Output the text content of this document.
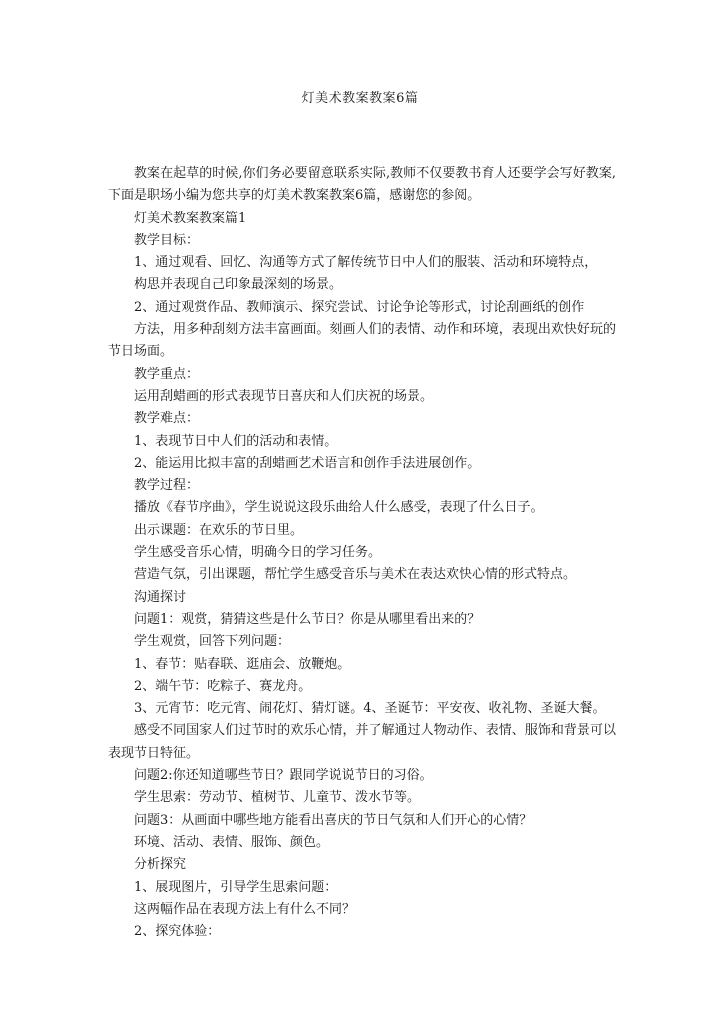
灯美术教案教案6篇

教案在起草的时候,你们务必要留意联系实际,教师不仅要教书育人还要学会写好教案,下面是职场小编为您共享的灯美术教案教案6篇，感谢您的参阅。

灯美术教案教案篇1

教学目标：

1、通过观看、回忆、沟通等方式了解传统节日中人们的服装、活动和环境特点，

构思并表现自己印象最深刻的场景。

2、通过观赏作品、教师演示、探究尝试、讨论争论等形式，讨论刮画纸的创作

方法，用多种刮刻方法丰富画面。刻画人们的表情、动作和环境，表现出欢快好玩的节日场面。

教学重点：

运用刮蜡画的形式表现节日喜庆和人们庆祝的场景。

教学难点：

1、表现节日中人们的活动和表情。

2、能运用比拟丰富的刮蜡画艺术语言和创作手法进展创作。

教学过程：

播放《春节序曲》，学生说说这段乐曲给人什么感受，表现了什么日子。

出示课题：在欢乐的节日里。

学生感受音乐心情，明确今日的学习任务。

营造气氛，引出课题，帮忙学生感受音乐与美术在表达欢快心情的形式特点。

沟通探讨

问题1：观赏，猜猜这些是什么节日？你是从哪里看出来的？

学生观赏，回答下列问题：

1、春节：贴春联、逛庙会、放鞭炮。

2、端午节：吃粽子、赛龙舟。

3、元宵节：吃元宵、闹花灯、猜灯谜。4、圣诞节：平安夜、收礼物、圣诞大餐。

感受不同国家人们过节时的欢乐心情，并了解通过人物动作、表情、服饰和背景可以表现节日特征。

问题2:你还知道哪些节日？跟同学说说节日的习俗。

学生思索：劳动节、植树节、儿童节、泼水节等。

问题3：从画面中哪些地方能看出喜庆的节日气氛和人们开心的心情？

环境、活动、表情、服饰、颜色。

分析探究

1、展现图片，引导学生思索问题：

这两幅作品在表现方法上有什么不同？

2、探究体验：
